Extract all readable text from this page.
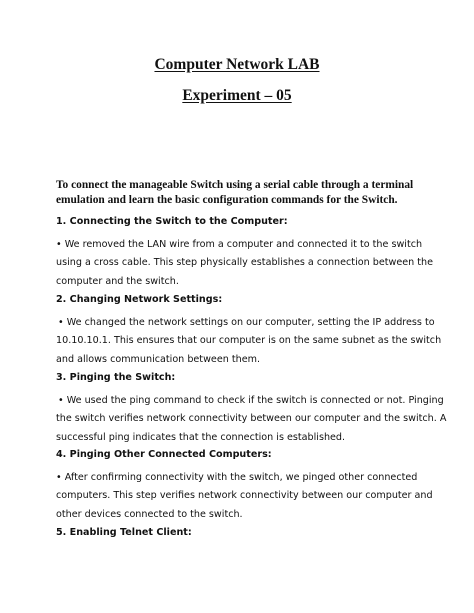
Computer Network LAB
Experiment – 05
To connect the manageable Switch using a serial cable through a terminal
emulation and learn the basic configuration commands for the Switch.
1. Connecting the Switch to the Computer:
• We removed the LAN wire from a computer and connected it to the switch
using a cross cable. This step physically establishes a connection between the
computer and the switch.
2. Changing Network Settings:
• We changed the network settings on our computer, setting the IP address to
10.10.10.1. This ensures that our computer is on the same subnet as the switch
and allows communication between them.
3. Pinging the Switch:
• We used the ping command to check if the switch is connected or not. Pinging
the switch verifies network connectivity between our computer and the switch. A
successful ping indicates that the connection is established.
4. Pinging Other Connected Computers:
• After confirming connectivity with the switch, we pinged other connected
computers. This step verifies network connectivity between our computer and
other devices connected to the switch.
5. Enabling Telnet Client:
